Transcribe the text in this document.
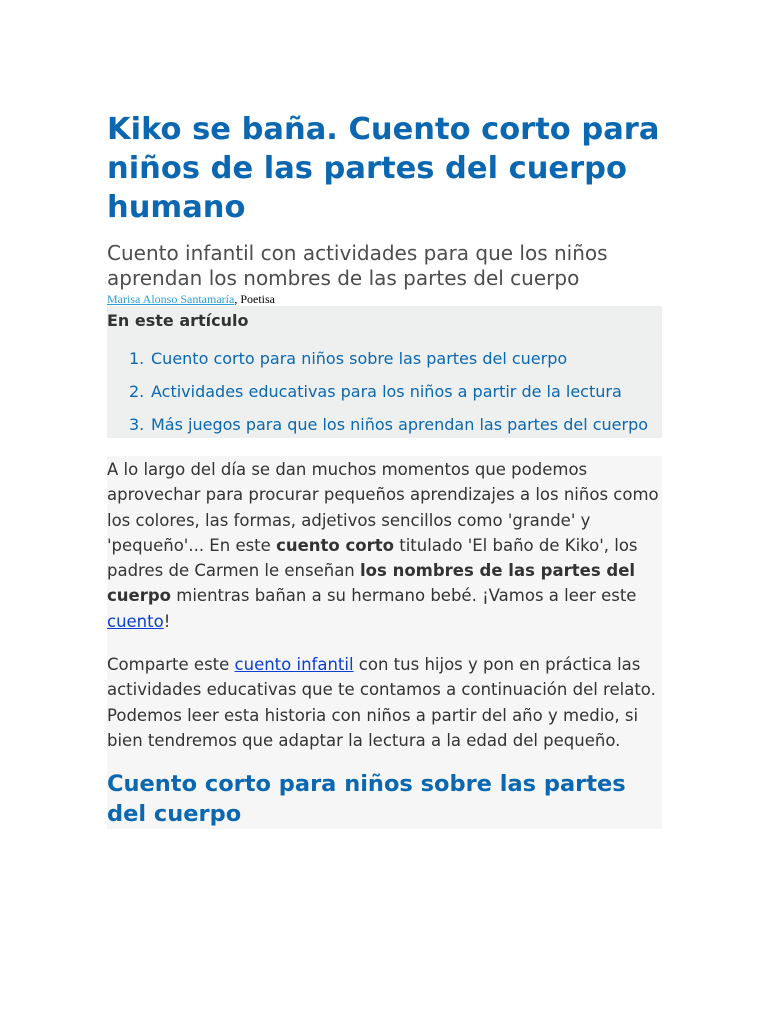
Kiko se baña. Cuento corto para niños de las partes del cuerpo humano
Cuento infantil con actividades para que los niños aprendan los nombres de las partes del cuerpo
Marisa Alonso Santamaría, Poetisa
En este artículo
1. Cuento corto para niños sobre las partes del cuerpo
2. Actividades educativas para los niños a partir de la lectura
3. Más juegos para que los niños aprendan las partes del cuerpo

A lo largo del día se dan muchos momentos que podemos aprovechar para procurar pequeños aprendizajes a los niños como los colores, las formas, adjetivos sencillos como 'grande' y 'pequeño'... En este cuento corto titulado 'El baño de Kiko', los padres de Carmen le enseñan los nombres de las partes del cuerpo mientras bañan a su hermano bebé. ¡Vamos a leer este cuento!

Comparte este cuento infantil con tus hijos y pon en práctica las actividades educativas que te contamos a continuación del relato. Podemos leer esta historia con niños a partir del año y medio, si bien tendremos que adaptar la lectura a la edad del pequeño.

Cuento corto para niños sobre las partes del cuerpo
